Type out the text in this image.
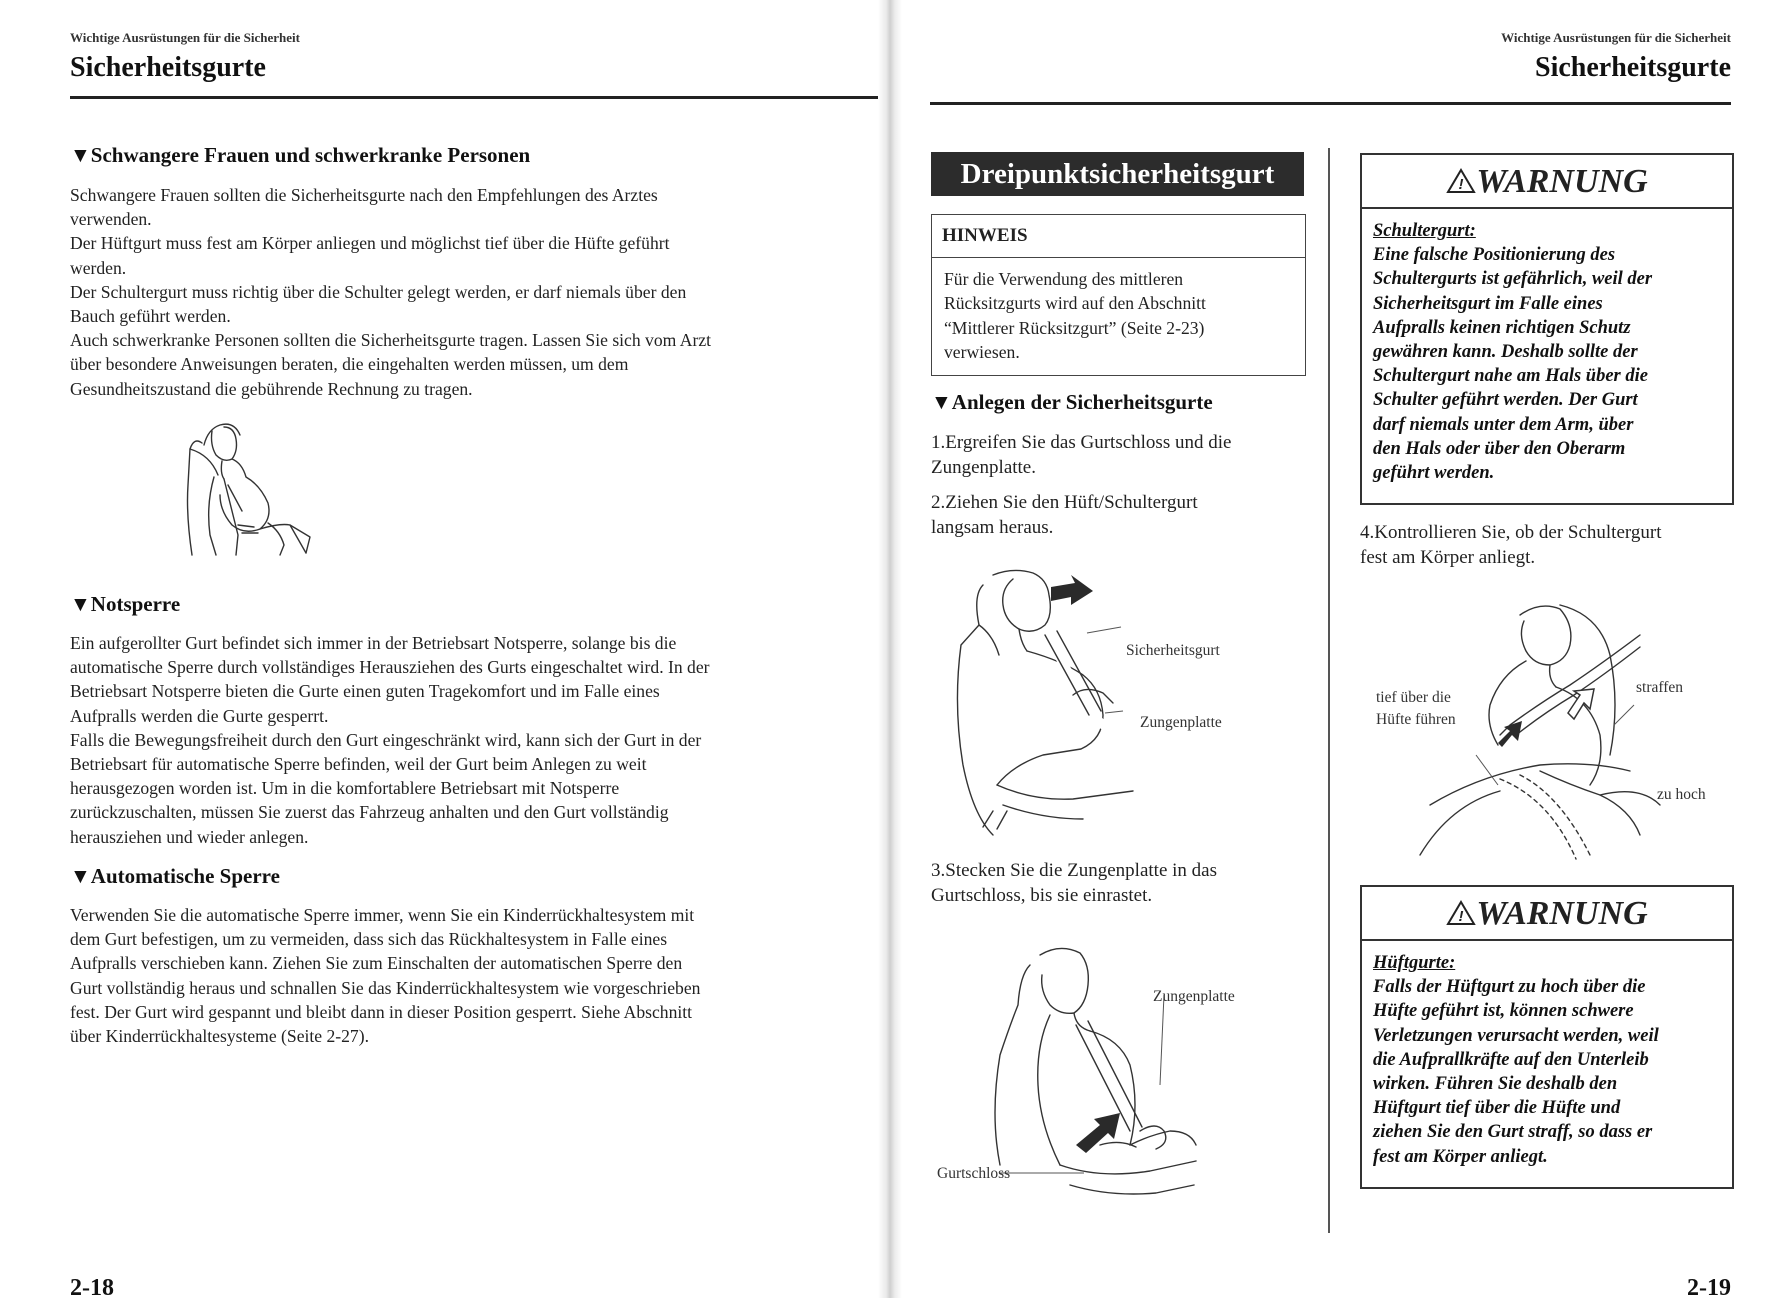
Wichtige Ausrüstungen für die Sicherheit
Sicherheitsgurte
▼Schwangere Frauen und schwerkranke Personen

Schwangere Frauen sollten die Sicherheitsgurte nach den Empfehlungen des Arztes

verwenden.

Der Hüftgurt muss fest am Körper anliegen und möglichst tief über die Hüfte geführt

werden.

Der Schultergurt muss richtig über die Schulter gelegt werden, er darf niemals über den

Bauch geführt werden.

Auch schwerkranke Personen sollten die Sicherheitsgurte tragen. Lassen Sie sich vom Arzt

über besondere Anweisungen beraten, die eingehalten werden müssen, um dem

Gesundheitszustand die gebührende Rechnung zu tragen.

▼Notsperre

Ein aufgerollter Gurt befindet sich immer in der Betriebsart Notsperre, solange bis die

automatische Sperre durch vollständiges Herausziehen des Gurts eingeschaltet wird. In der

Betriebsart Notsperre bieten die Gurte einen guten Tragekomfort und im Falle eines

Aufpralls werden die Gurte gesperrt.

Falls die Bewegungsfreiheit durch den Gurt eingeschränkt wird, kann sich der Gurt in der

Betriebsart für automatische Sperre befinden, weil der Gurt beim Anlegen zu weit

herausgezogen worden ist. Um in die komfortablere Betriebsart mit Notsperre

zurückzuschalten, müssen Sie zuerst das Fahrzeug anhalten und den Gurt vollständig

herausziehen und wieder anlegen.

▼Automatische Sperre

Verwenden Sie die automatische Sperre immer, wenn Sie ein Kinderrückhaltesystem mit

dem Gurt befestigen, um zu vermeiden, dass sich das Rückhaltesystem in Falle eines

Aufpralls verschieben kann. Ziehen Sie zum Einschalten der automatischen Sperre den

Gurt vollständig heraus und schnallen Sie das Kinderrückhaltesystem wie vorgeschrieben

fest. Der Gurt wird gespannt und bleibt dann in dieser Position gesperrt. Siehe Abschnitt

über Kinderrückhaltesysteme (Seite 2-27).

2-18
Wichtige Ausrüstungen für die Sicherheit
Sicherheitsgurte
Dreipunktsicherheitsgurt
HINWEIS
Für die Verwendung des mittleren
Rücksitzgurts wird auf den Abschnitt
“Mittlerer Rücksitzgurt” (Seite 2-23)
verwiesen.
▼Anlegen der Sicherheitsgurte
1.Ergreifen Sie das Gurtschloss und die
Zungenplatte.
2.Ziehen Sie den Hüft/Schultergurt
langsam heraus.
Sicherheitsgurt
Zungenplatte
3.Stecken Sie die Zungenplatte in das
Gurtschloss, bis sie einrastet.
Zungenplatte
Gurtschloss
! WARNUNG
Schultergurt:
Eine falsche Positionierung des
Schultergurts ist gefährlich, weil der
Sicherheitsgurt im Falle eines
Aufpralls keinen richtigen Schutz
gewähren kann. Deshalb sollte der
Schultergurt nahe am Hals über die
Schulter geführt werden. Der Gurt
darf niemals unter dem Arm, über
den Hals oder über den Oberarm
geführt werden.
4.Kontrollieren Sie, ob der Schultergurt
fest am Körper anliegt.
tief über die
Hüfte führen
straffen
zu hoch
! WARNUNG
Hüftgurte:
Falls der Hüftgurt zu hoch über die
Hüfte geführt ist, können schwere
Verletzungen verursacht werden, weil
die Aufprallkräfte auf den Unterleib
wirken. Führen Sie deshalb den
Hüftgurt tief über die Hüfte und
ziehen Sie den Gurt straff, so dass er
fest am Körper anliegt.
2-19
